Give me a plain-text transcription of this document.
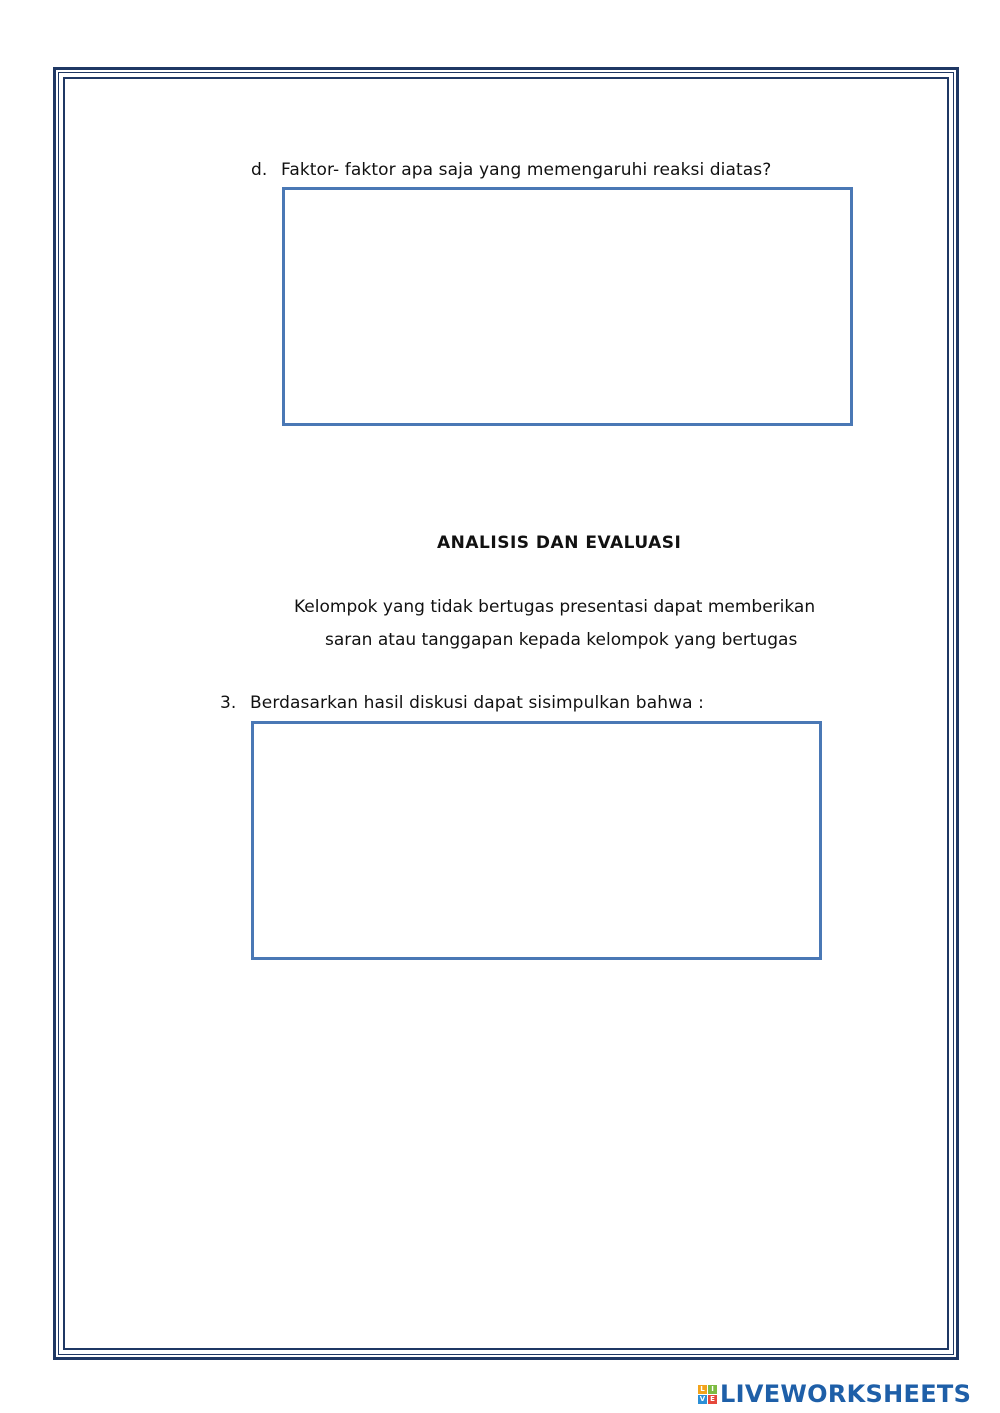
d. Faktor- faktor apa saja yang memengaruhi reaksi diatas?
ANALISIS DAN EVALUASI
Kelompok yang tidak bertugas presentasi dapat memberikan
saran atau tanggapan kepada kelompok yang bertugas
3. Berdasarkan hasil diskusi dapat sisimpulkan bahwa :
L I
V E LIVEWORKSHEETS
